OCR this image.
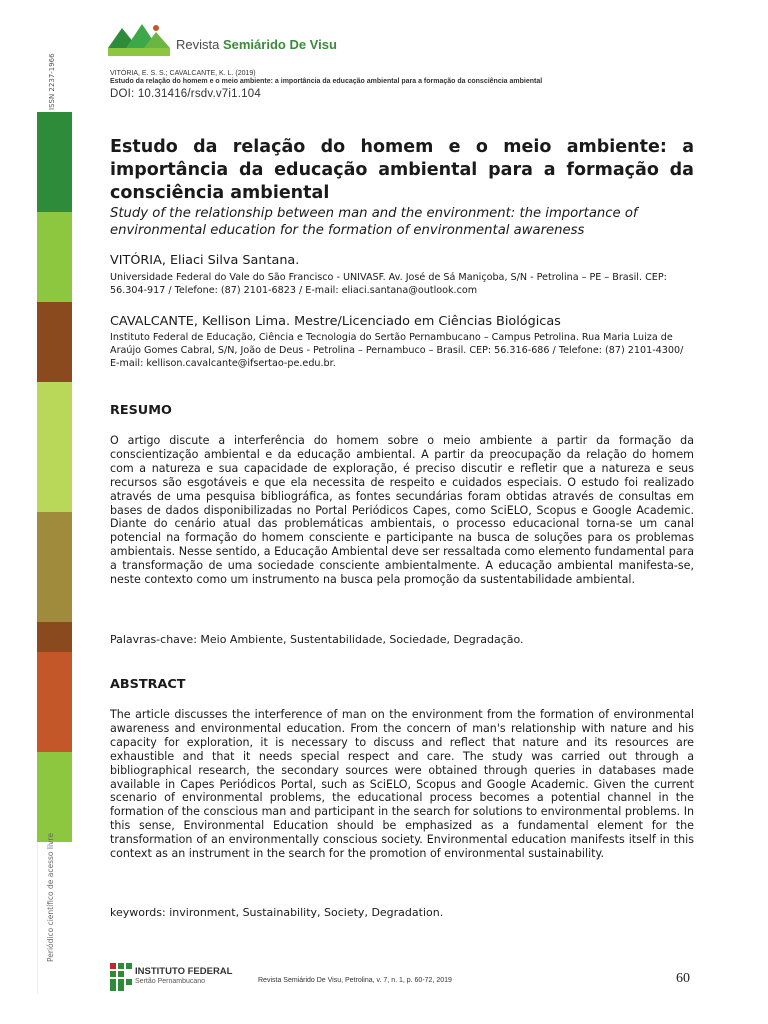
ISSN 2237-1966
Periódico científico de acesso livre
Revista Semiárido De Visu
VITÓRIA, E. S. S.; CAVALCANTE, K. L. (2019)
Estudo da relação do homem e o meio ambiente: a importância da educação ambiental para a formação da consciência ambiental
DOI: 10.31416/rsdv.v7i1.104
Estudo da relação do homem e o meio ambiente: a importância da educação ambiental para a formação da consciência ambiental
Study of the relationship between man and the environment: the importance of environmental education for the formation of environmental awareness
VITÓRIA, Eliaci Silva Santana.
Universidade Federal do Vale do São Francisco - UNIVASF. Av. José de Sá Maniçoba, S/N - Petrolina – PE – Brasil. CEP: 56.304-917 / Telefone: (87) 2101-6823 / E-mail: eliaci.santana@outlook.com
CAVALCANTE, Kellison Lima. Mestre/Licenciado em Ciências Biológicas
Instituto Federal de Educação, Ciência e Tecnologia do Sertão Pernambucano – Campus Petrolina. Rua Maria Luiza de Araújo Gomes Cabral, S/N, João de Deus - Petrolina – Pernambuco – Brasil. CEP: 56.316-686 / Telefone: (87) 2101-4300/ E-mail: kellison.cavalcante@ifsertao-pe.edu.br.
RESUMO
O artigo discute a interferência do homem sobre o meio ambiente a partir da formação da conscientização ambiental e da educação ambiental. A partir da preocupação da relação do homem com a natureza e sua capacidade de exploração, é preciso discutir e refletir que a natureza e seus recursos são esgotáveis e que ela necessita de respeito e cuidados especiais. O estudo foi realizado através de uma pesquisa bibliográfica, as fontes secundárias foram obtidas através de consultas em bases de dados disponibilizadas no Portal Periódicos Capes, como SciELO, Scopus e Google Academic. Diante do cenário atual das problemáticas ambientais, o processo educacional torna-se um canal potencial na formação do homem consciente e participante na busca de soluções para os problemas ambientais. Nesse sentido, a Educação Ambiental deve ser ressaltada como elemento fundamental para a transformação de uma sociedade consciente ambientalmente. A educação ambiental manifesta-se, neste contexto como um instrumento na busca pela promoção da sustentabilidade ambiental.
Palavras-chave: Meio Ambiente, Sustentabilidade, Sociedade, Degradação.
ABSTRACT
The article discusses the interference of man on the environment from the formation of environmental awareness and environmental education. From the concern of man's relationship with nature and his capacity for exploration, it is necessary to discuss and reflect that nature and its resources are exhaustible and that it needs special respect and care. The study was carried out through a bibliographical research, the secondary sources were obtained through queries in databases made available in Capes Periódicos Portal, such as SciELO, Scopus and Google Academic. Given the current scenario of environmental problems, the educational process becomes a potential channel in the formation of the conscious man and participant in the search for solutions to environmental problems. In this sense, Environmental Education should be emphasized as a fundamental element for the transformation of an environmentally conscious society. Environmental education manifests itself in this context as an instrument in the search for the promotion of environmental sustainability.
keywords: invironment, Sustainability, Society, Degradation.
INSTITUTO FEDERAL
Sertão Pernambucano	Revista Semiárido De Visu, Petrolina, v. 7, n. 1, p. 60-72, 2019	60
